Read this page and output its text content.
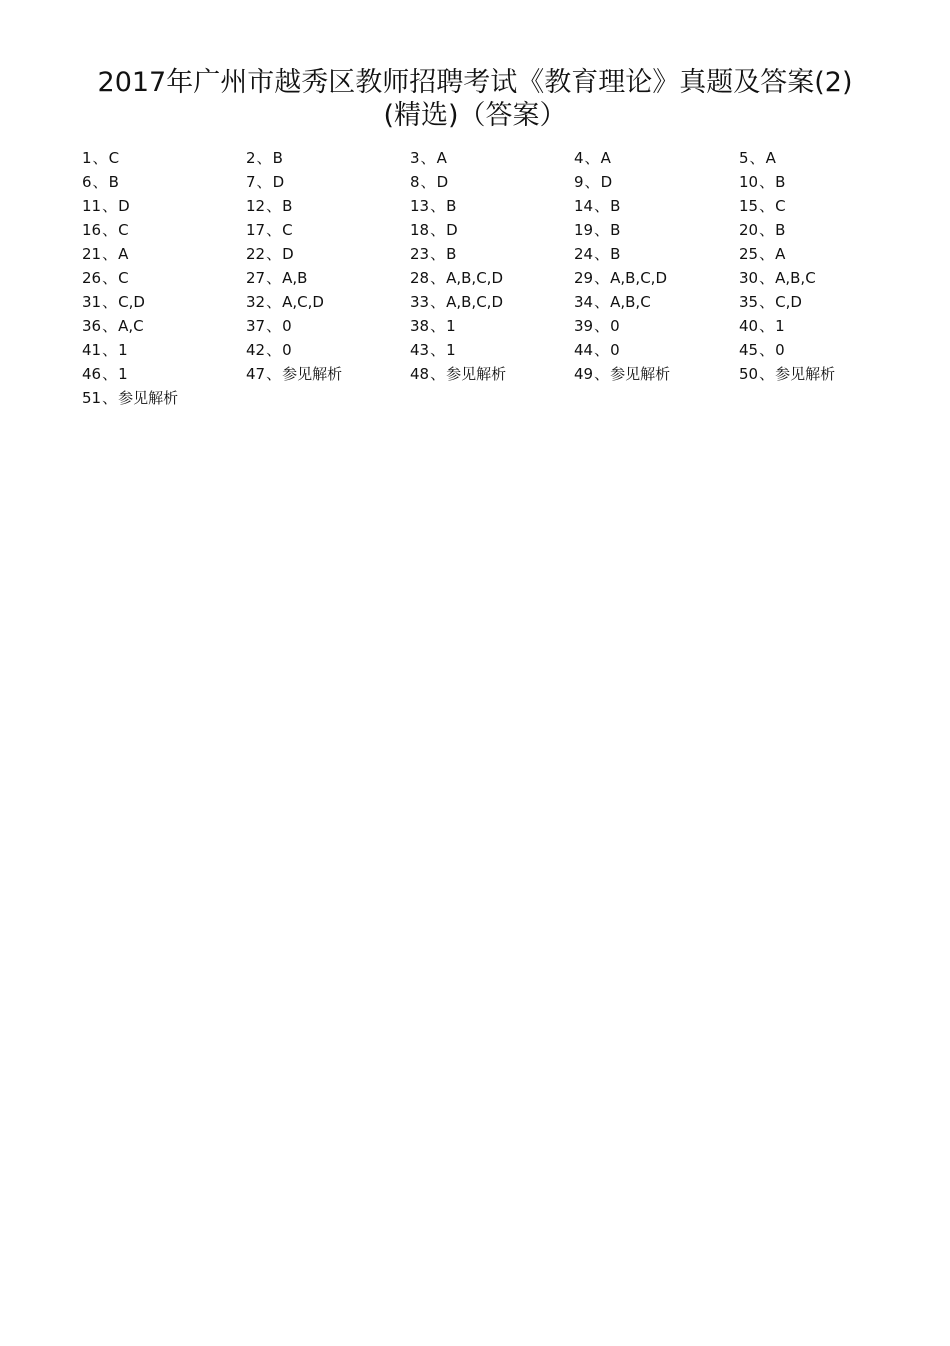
2017年广州市越秀区教师招聘考试《教育理论》真题及答案(2)
(精选)（答案）
1、C	2、B	3、A	4、A	5、A
6、B	7、D	8、D	9、D	10、B
11、D	12、B	13、B	14、B	15、C
16、C	17、C	18、D	19、B	20、B
21、A	22、D	23、B	24、B	25、A
26、C	27、A,B	28、A,B,C,D	29、A,B,C,D	30、A,B,C
31、C,D	32、A,C,D	33、A,B,C,D	34、A,B,C	35、C,D
36、A,C	37、0	38、1	39、0	40、1
41、1	42、0	43、1	44、0	45、0
46、1	47、参见解析	48、参见解析	49、参见解析	50、参见解析
51、参见解析
